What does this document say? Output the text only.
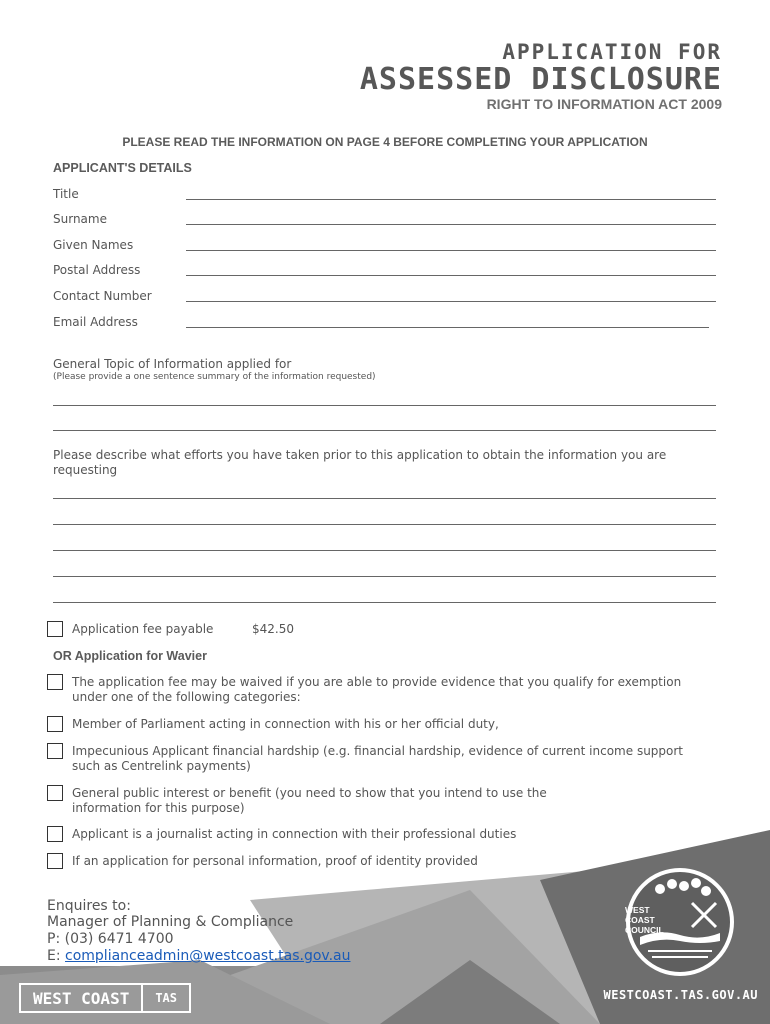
APPLICATION FOR
ASSESSED DISCLOSURE
RIGHT TO INFORMATION ACT 2009
PLEASE READ THE INFORMATION ON PAGE 4 BEFORE COMPLETING YOUR APPLICATION
APPLICANT'S DETAILS
Title
Surname
Given Names
Postal Address
Contact Number
Email Address
General Topic of Information applied for
(Please provide a one sentence summary of the information requested)
Please describe what efforts you have taken prior to this application to obtain the information you are requesting
Application fee payable	$42.50
OR Application for Wavier
The application fee may be waived if you are able to provide evidence that you qualify for exemption under one of the following categories:
Member of Parliament acting in connection with his or her official duty,
Impecunious Applicant financial hardship (e.g. financial hardship, evidence of current income support such as Centrelink payments)
General public interest or benefit (you need to show that you intend to use the information for this purpose)
Applicant is a journalist acting in connection with their professional duties
If an application for personal information, proof of identity provided
Enquires to:
Manager of Planning & Compliance
P: (03) 6471 4700
E: complianceadmin@westcoast.tas.gov.au
WEST COAST COUNCIL
WEST COAST	TAS	WESTCOAST.TAS.GOV.AU
